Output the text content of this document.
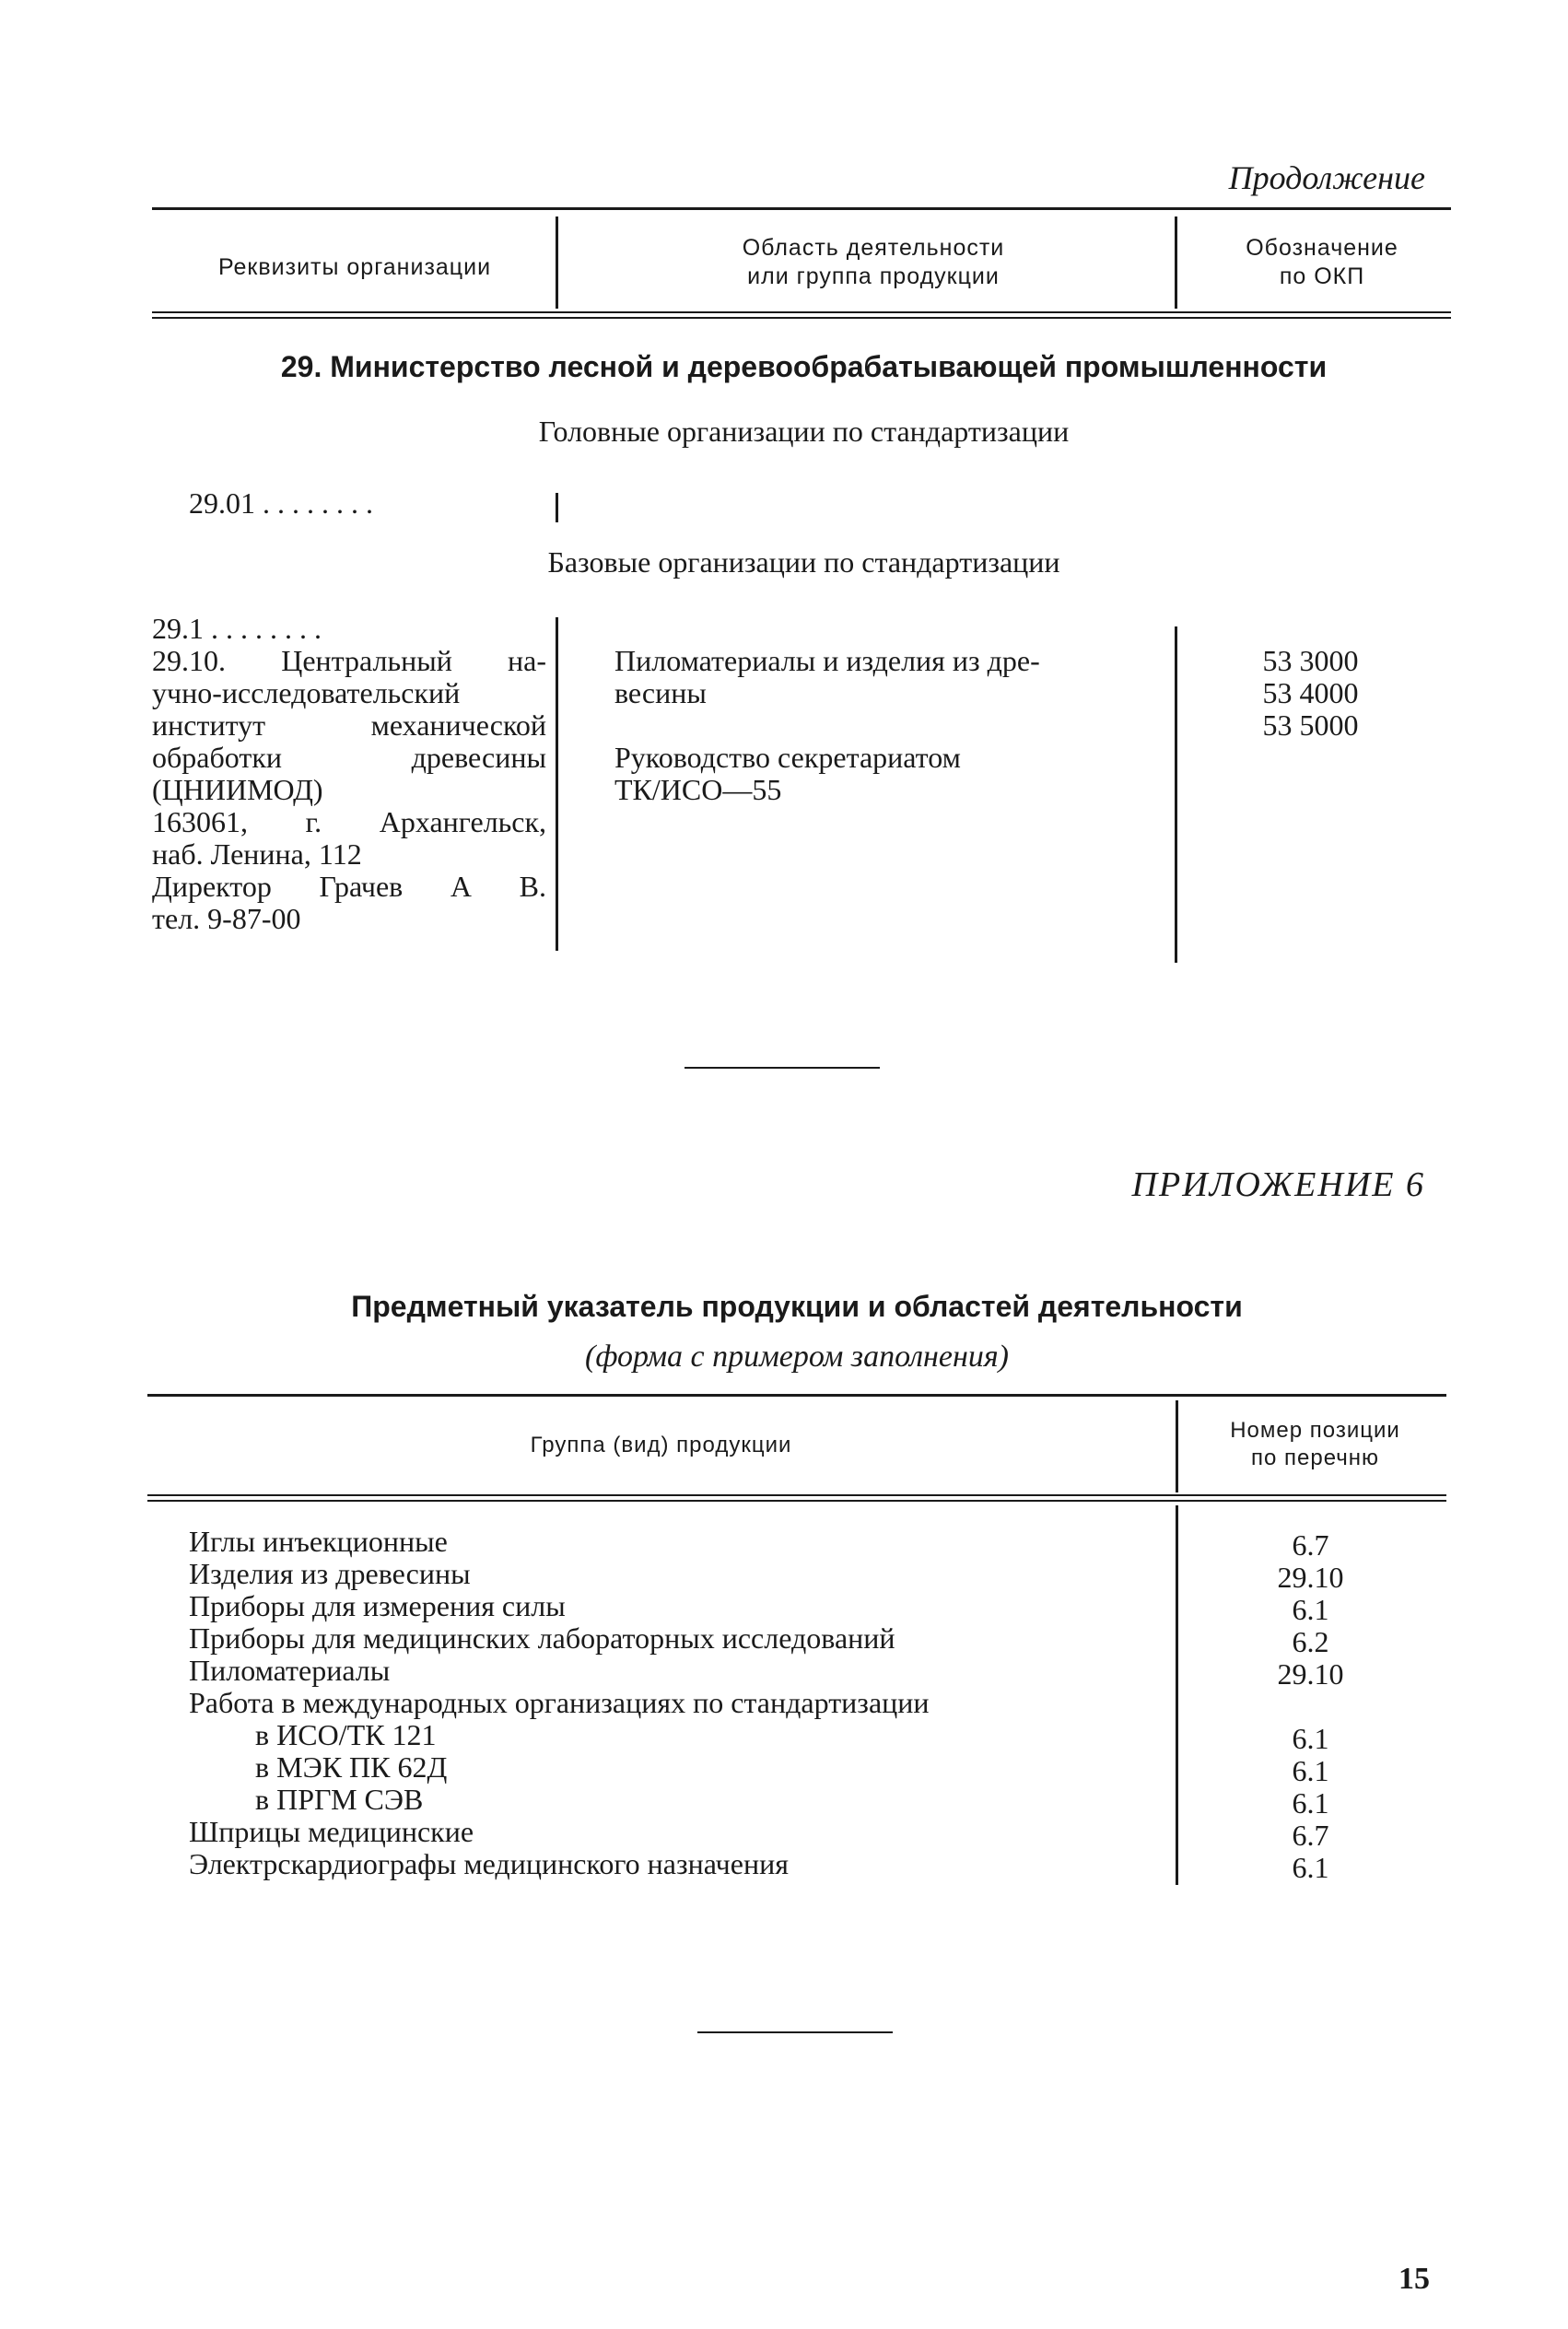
Продолжение
Реквизиты организации
Область деятельности
или группа продукции
Обозначение
по ОКП
29. Министерство лесной и деревообрабатывающей промышленности
Головные организации по стандартизации
29.01 . . . . . . . .
Базовые организации по стандартизации
29.1 . . . . . . . .
29.10. Центральный на-
учно-исследовательский
институт механической
обработки древесины
(ЦНИИМОД)
163061, г. Архангельск,
наб. Ленина, 112
Директор Грачев А В.
тел. 9-87-00
Пиломатериалы и изделия из дре-
весины
Руководство секретариатом
ТК/ИСО—55
53 3000
53 4000
53 5000
ПРИЛОЖЕНИЕ 6
Предметный указатель продукции и областей деятельности
(форма с примером заполнения)
Группа (вид) продукции
Номер позиции
по перечню
Иглы инъекционные
Изделия из древесины
Приборы для измерения силы
Приборы для медицинских лабораторных исследований
Пиломатериалы
Работа в международных организациях по стандартизации
в ИСО/ТК 121
в МЭК ПК 62Д
в ПРГМ СЭВ
Шприцы медицинские
Электрскардиографы медицинского назначения
6.7
29.10
6.1
6.2
29.10
6.1
6.1
6.1
6.7
6.1
15
